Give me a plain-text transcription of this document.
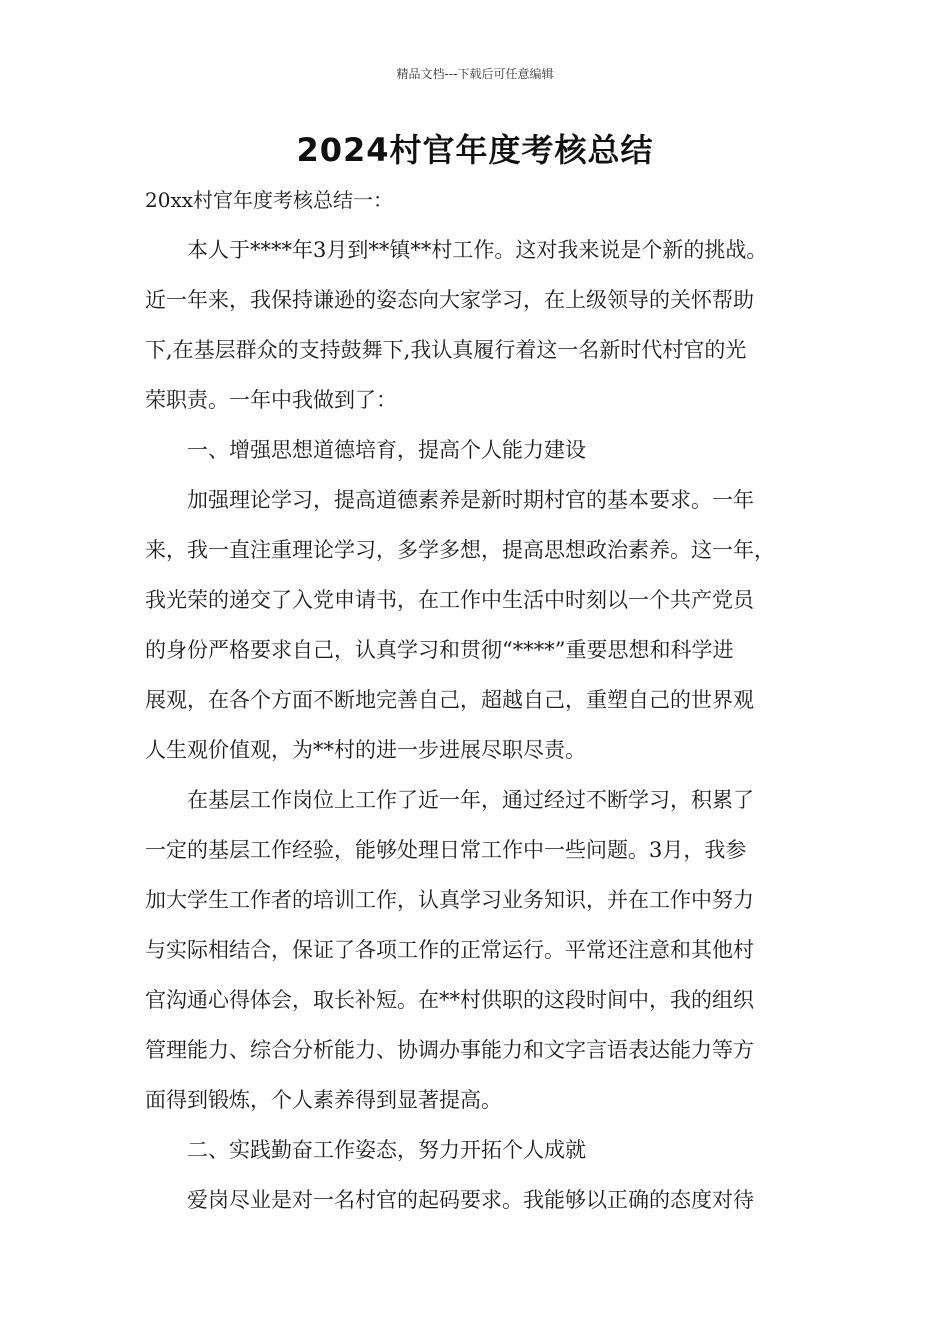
精品文档---下载后可任意编辑
2024村官年度考核总结
20xx村官年度考核总结一：
　　本人于****年3月到**镇**村工作。这对我来说是个新的挑战。
近一年来，我保持谦逊的姿态向大家学习，在上级领导的关怀帮助
下,在基层群众的支持鼓舞下,我认真履行着这一名新时代村官的光
荣职责。一年中我做到了：
　　一、增强思想道德培育，提高个人能力建设
　　加强理论学习，提高道德素养是新时期村官的基本要求。一年
来，我一直注重理论学习，多学多想，提高思想政治素养。这一年，
我光荣的递交了入党申请书，在工作中生活中时刻以一个共产党员
的身份严格要求自己，认真学习和贯彻“****”重要思想和科学进
展观，在各个方面不断地完善自己，超越自己，重塑自己的世界观
人生观价值观，为**村的进一步进展尽职尽责。
　　在基层工作岗位上工作了近一年，通过经过不断学习，积累了
一定的基层工作经验，能够处理日常工作中一些问题。3月，我参
加大学生工作者的培训工作，认真学习业务知识，并在工作中努力
与实际相结合，保证了各项工作的正常运行。平常还注意和其他村
官沟通心得体会，取长补短。在**村供职的这段时间中，我的组织
管理能力、综合分析能力、协调办事能力和文字言语表达能力等方
面得到锻炼，个人素养得到显著提高。
　　二、实践勤奋工作姿态，努力开拓个人成就
　　爱岗尽业是对一名村官的起码要求。我能够以正确的态度对待
